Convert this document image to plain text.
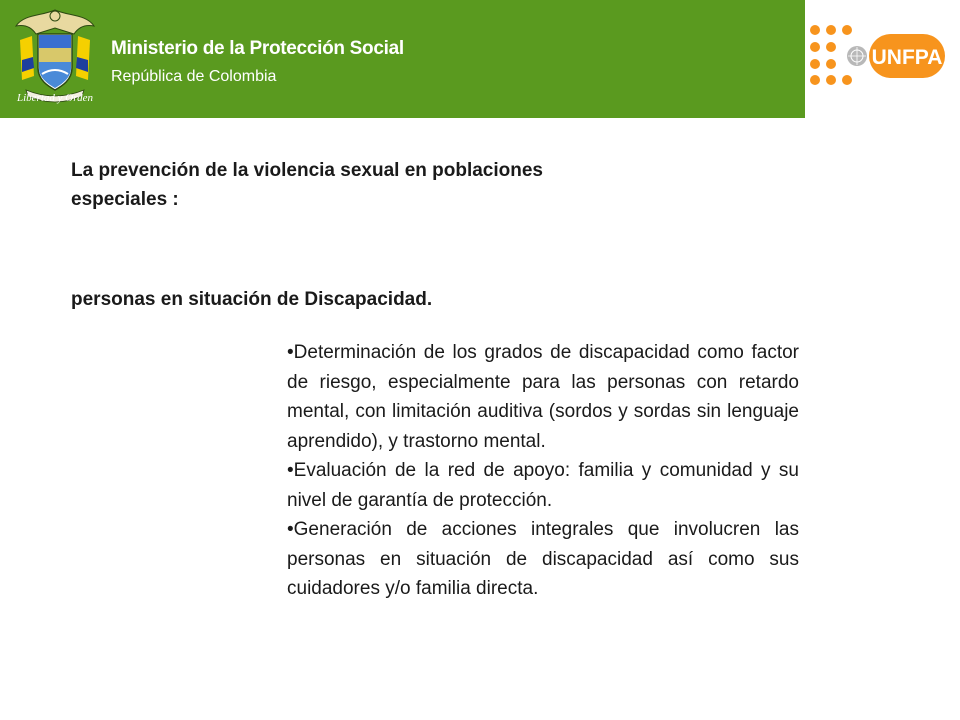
Libertad y Orden
Ministerio de la Protección Social
República de Colombia
UNFPA
La prevención de la violencia sexual en poblaciones especiales :
personas en situación de Discapacidad.
•Determinación de los grados de discapacidad como factor de riesgo, especialmente para las personas con retardo mental, con limitación auditiva (sordos y sordas sin lenguaje aprendido), y trastorno mental.
•Evaluación de la red de apoyo: familia y comunidad y su nivel de garantía de protección.
•Generación de acciones integrales que involucren las personas en situación de discapacidad así como sus cuidadores y/o familia directa.
